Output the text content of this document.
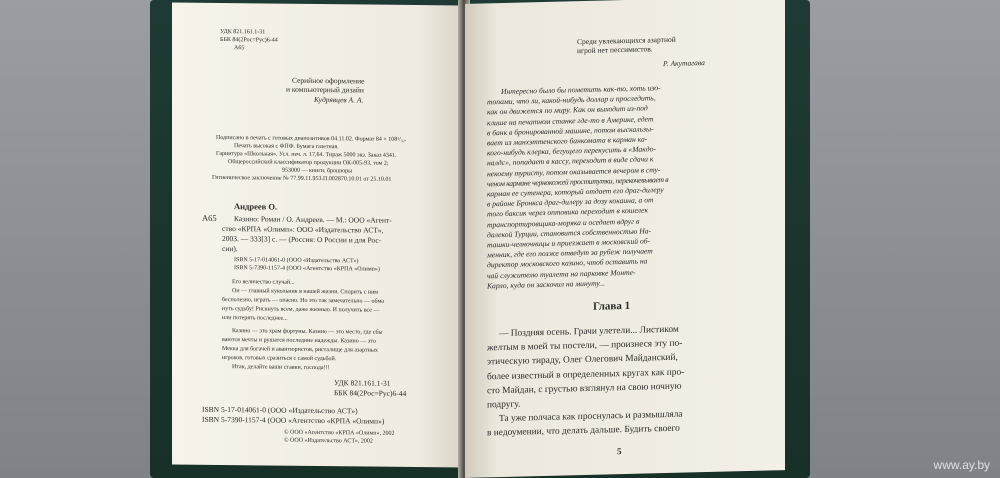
УДК 821.161.1-31
ББК 84(2Рос=Рус)6-44
А65
Серийное оформление
и компьютерный дизайн
Кудрявцев А. А.
Подписано в печать с готовых диапозитивов 04.11.02. Формат 84 × 108¹/₃₂.
Печать высокая с ФПФ. Бумага газетная.
Гарнитура «Школьная». Усл. печ. л. 17,64. Тираж 5000 экз. Заказ 4341.
Общероссийский классификатор продукции ОК-005-93, том 2;
953000 — книги, брошюры
Гигиеническое заключение № 77.99.11.953.П.002870.10.01 от 25.10.01
Андреев О.
А65 Казино: Роман / О. Андреев. — М.: ООО «Агент-
ство «КРПА «Олимп»: ООО «Издательство АСТ»,
2003. — 333[3] с. — (Россия: О России и для Рос-
сии).
ISBN 5-17-014061-0 (ООО «Издательство АСТ»)
ISBN 5-7390-1157-4 (ООО «Агентство «КРПА «Олимп»)
Его величество случай...
Он — главный кукольник в нашей жизни. Спорить с ним
бесполезно, играть — опасно. Но это так замечательно — обма
нуть судьбу! Рискнуть всем, даже жизнью. И получить все —
или потерять последнее...
Казино — это храм фортуны. Казино — это место, где сбы
ваются мечты и рушатся последние надежды. Казино — это
Мекка для богачей и авантюристов, ристалище для азартных
игроков, готовых сразиться с самой судьбой.
Итак, делайте ваши ставки, господа!!!
УДК 821.161.1-31
ББК 84(2Рос=Рус)6-44
ISBN 5-17-014061-0 (ООО «Издательство АСТ»)
ISBN 5-7390-1157-4 (ООО «Агентство «КРПА «Олимп»)
© ООО «Агентство «КРПА «Олимп», 2002
© ООО «Издательство АСТ», 2002
Среди увлекающихся азартной
игрой нет пессимистов.
Р. Акутагава
Интересно было бы пометить как-то, хоть изо-
топами, что ли, какой-нибудь доллар и проследить,
как он движется по миру. Как он выходит из-под
клише на печатном станке где-то в Америке, едет
в банк в бронированной машине, потом выскальзы-
вает из манхэттенского банкомата в карман ка-
кого-нибудь клерка, бегущего перекусить в «Макдо-
налдс», попадает в кассу, переходит в виде сдачи к
некоему туристу, потом оказывается вечером в сту-
ченом кармане чернокожей проститутки, перекочевывает в
карман ее сутенера, который отдает его драг-дилеру
в районе Бронкса драг-дилеру за дозу кокаина, а от
того баксик через оптовика переходит в кошелек
транспортировщика-моряка и оседает вдруг в
далекой Турции, становится собственностью На-
ташки-челночницы и приезжает в московский об-
менник, где его позже отведут за рубеж получает
директор московского казино, чтоб оставить на
чай служителю туалета на парковке Монте-
Карло, куда он заскочил на минуту...
Глава 1
— Поздняя осень. Грачи улетели... Листиком
желтым в моей ты постели, — произнеся эту по-
этическую тираду, Олег Олегович Майданский,
более известный в определенных кругах как про-
сто Майдан, с грустью взглянул на свою ночную
подругу.
Та уже полчаса как проснулась и размышляла
в недоумении, что делать дальше. Будить своего
5
www.ay.by
